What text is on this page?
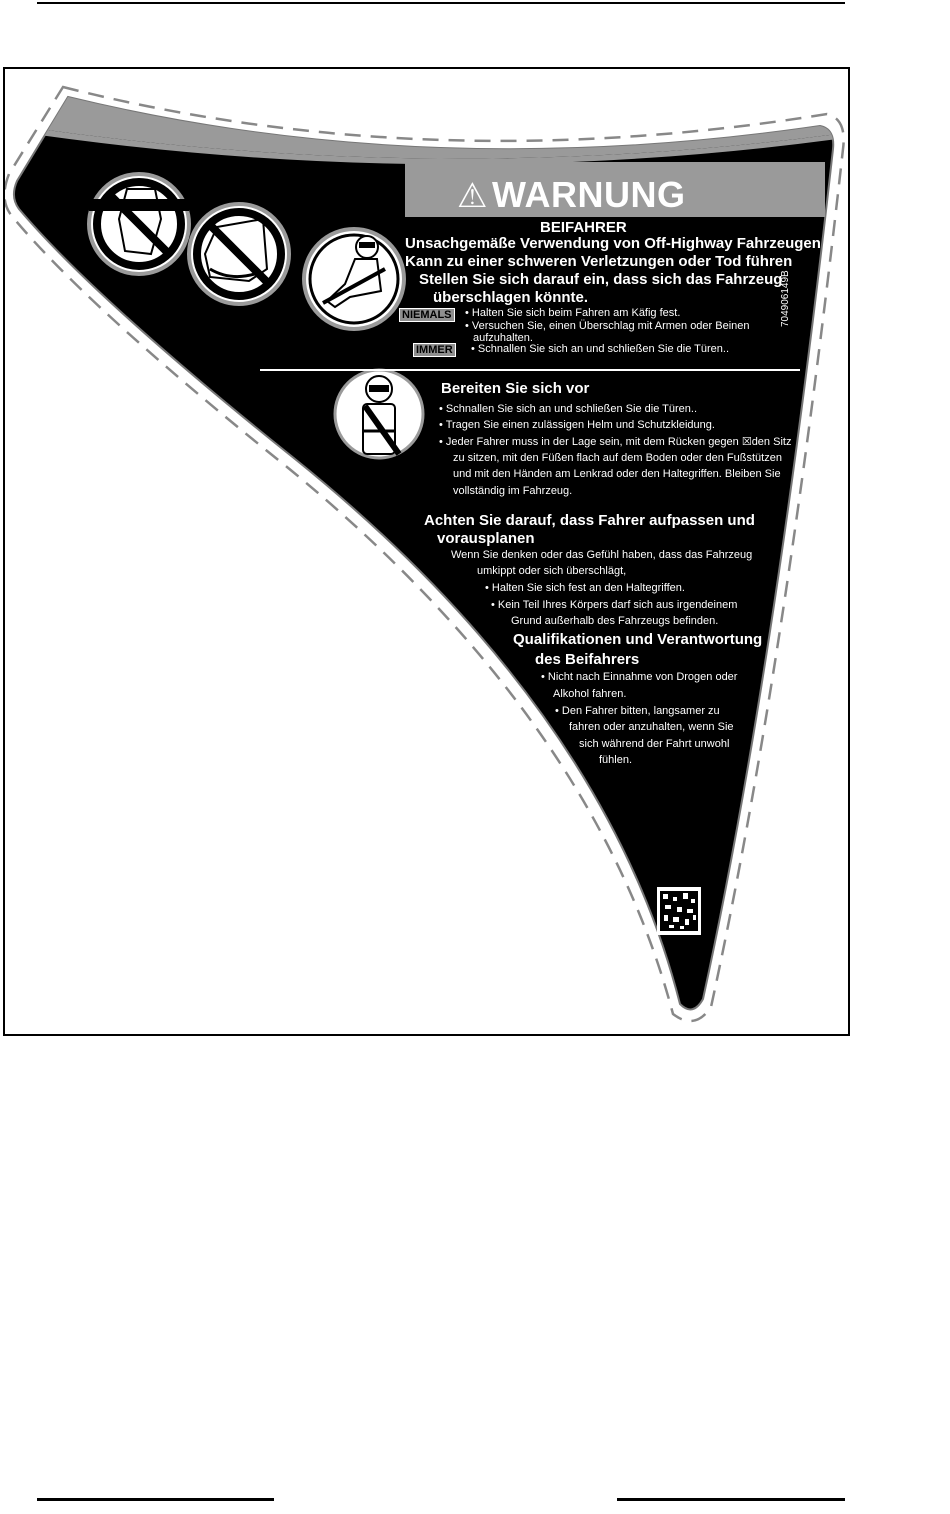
⚠ WARNUNG
BEIFAHRER
Unsachgemäße Verwendung von Off-Highway Fahrzeugen
Kann zu einer schweren Verletzungen oder Tod führen
Stellen Sie sich darauf ein, dass sich das Fahrzeug
überschlagen könnte.
NIEMALS • Halten Sie sich beim Fahren am Käfig fest.
• Versuchen Sie, einen Überschlag mit Armen oder Beinen
aufzuhalten.
IMMER • Schnallen Sie sich an und schließen Sie die Türen..
704906149B
Bereiten Sie sich vor
• Schnallen Sie sich an und schließen Sie die Türen..
• Tragen Sie einen zulässigen Helm und Schutzkleidung.
• Jeder Fahrer muss in der Lage sein, mit dem Rücken gegen ☒den Sitz
zu sitzen, mit den Füßen flach auf dem Boden oder den Fußstützen
und mit den Händen am Lenkrad oder den Haltegriffen. Bleiben Sie
vollständig im Fahrzeug.
Achten Sie darauf, dass Fahrer aufpassen und
vorausplanen
Wenn Sie denken oder das Gefühl haben, dass das Fahrzeug
umkippt oder sich überschlägt,
• Halten Sie sich fest an den Haltegriffen.
• Kein Teil Ihres Körpers darf sich aus irgendeinem
Grund außerhalb des Fahrzeugs befinden.
Qualifikationen und Verantwortung
des Beifahrers
• Nicht nach Einnahme von Drogen oder
Alkohol fahren.
• Den Fahrer bitten, langsamer zu
fahren oder anzuhalten, wenn Sie
sich während der Fahrt unwohl
fühlen.
